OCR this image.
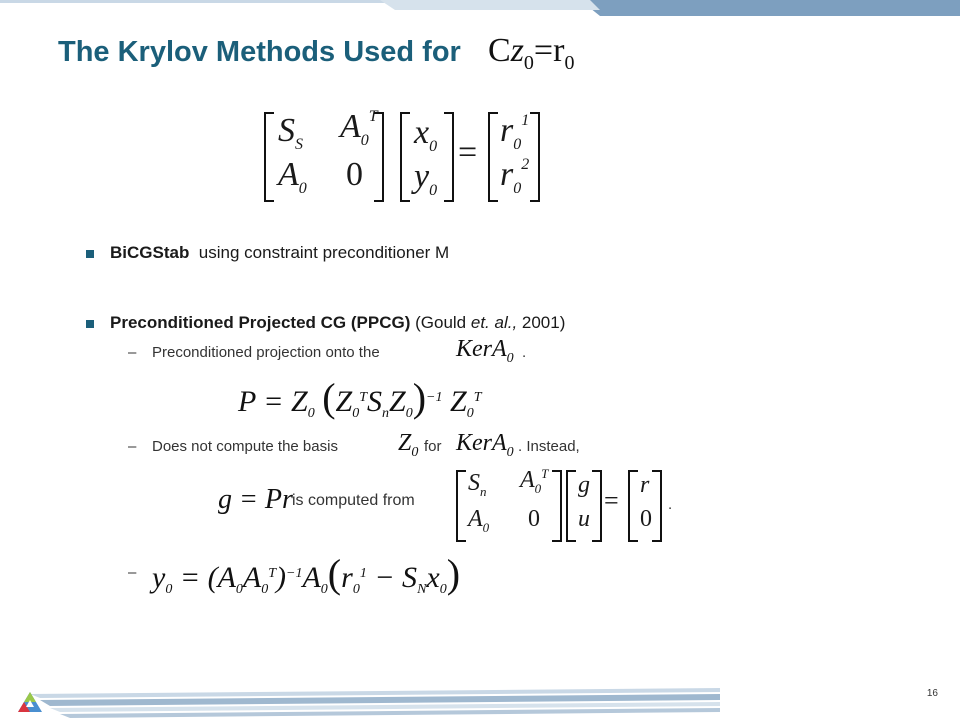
The Krylov Methods Used for $Cz_0=r_0$
$S_S$ $A_0^T$
$A_0$ 0
$x_0$
$y_0$
=
$r_0^1$
$r_0^2$
BiCGStab using constraint preconditioner M
Preconditioned Projected CG (PPCG) (Gould et. al., 2001)
– Preconditioned projection onto the	KerA$_0$ .
$P = Z_0$ $(Z_0^TS_nZ_0)^{-1}$ $Z_0^T$
– Does not compute the basis	$Z_0$ for KerA$_0$ . Instead,
g = Pr is computed from
$S_n$ $A_0^T$
$A_0$ 0
g
u
=
r
0
.
– $y_0 = (A_0A_0^T)^{-1}A_0(r_0^1 - S_Nx_0)$
16
